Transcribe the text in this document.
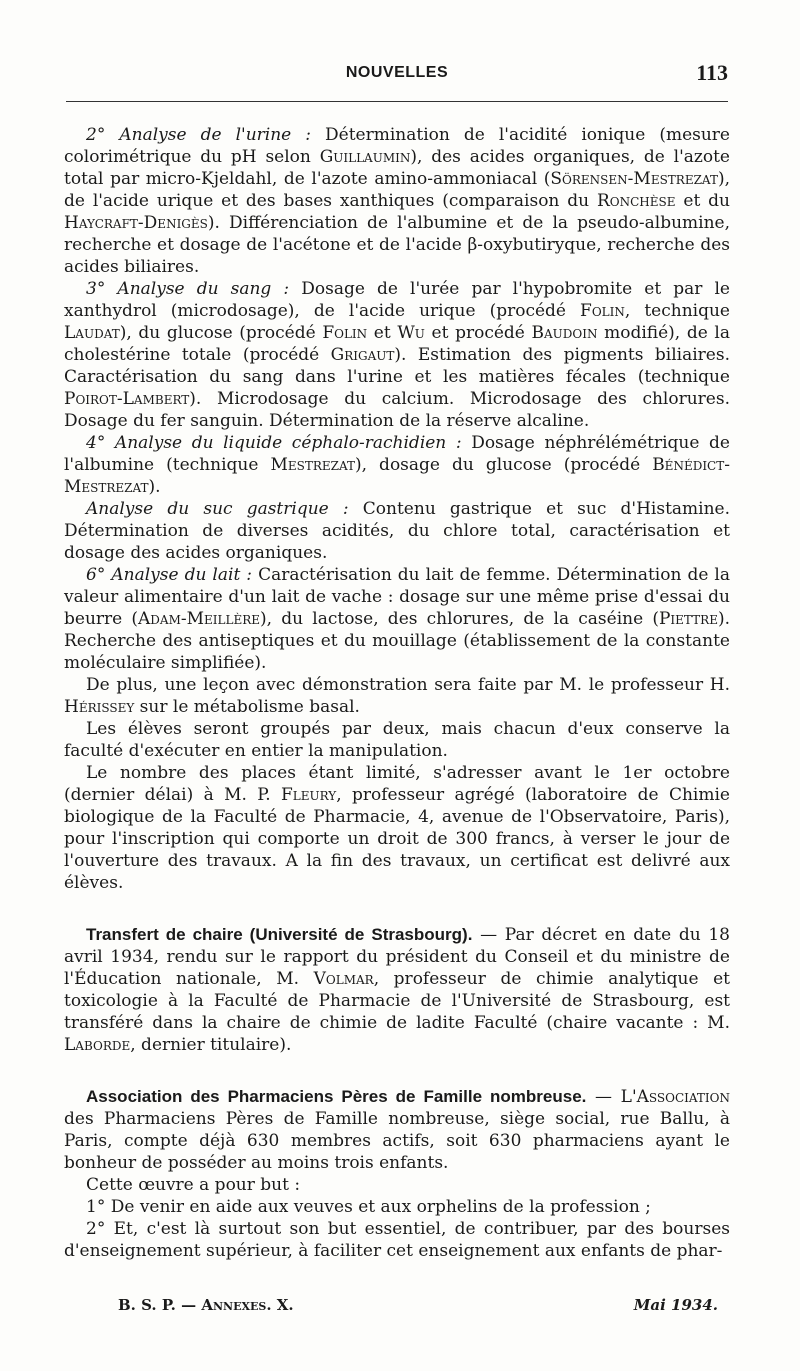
NOUVELLES	113

2° Analyse de l'urine : Détermination de l'acidité ionique (mesure colorimétrique du pH selon Guillaumin), des acides organiques, de l'azote total par micro-Kjeldahl, de l'azote amino-ammoniacal (Sörensen-Mestrezat), de l'acide urique et des bases xanthiques (comparaison du Ronchèse et du Haycraft-Denigès). Différenciation de l'albumine et de la pseudo-albumine, recherche et dosage de l'acétone et de l'acide β-oxybutiryque, recherche des acides biliaires.

3° Analyse du sang : Dosage de l'urée par l'hypobromite et par le xanthydrol (microdosage), de l'acide urique (procédé Folin, technique Laudat), du glucose (procédé Folin et Wu et procédé Baudoin modifié), de la cholestérine totale (procédé Grigaut). Estimation des pigments biliaires. Caractérisation du sang dans l'urine et les matières fécales (technique Poirot-Lambert). Microdosage du calcium. Microdosage des chlorures. Dosage du fer sanguin. Détermination de la réserve alcaline.

4° Analyse du liquide céphalo-rachidien : Dosage néphrélémétrique de l'albumine (technique Mestrezat), dosage du glucose (procédé Bénédict-Mestrezat).

Analyse du suc gastrique : Contenu gastrique et suc d'Histamine. Détermination de diverses acidités, du chlore total, caractérisation et dosage des acides organiques.

6° Analyse du lait : Caractérisation du lait de femme. Détermination de la valeur alimentaire d'un lait de vache : dosage sur une même prise d'essai du beurre (Adam-Meillère), du lactose, des chlorures, de la caséine (Piettre). Recherche des antiseptiques et du mouillage (établissement de la constante moléculaire simplifiée).

De plus, une leçon avec démonstration sera faite par M. le professeur H. Hérissey sur le métabolisme basal.

Les élèves seront groupés par deux, mais chacun d'eux conserve la faculté d'exécuter en entier la manipulation.

Le nombre des places étant limité, s'adresser avant le 1er octobre (dernier délai) à M. P. Fleury, professeur agrégé (laboratoire de Chimie biologique de la Faculté de Pharmacie, 4, avenue de l'Observatoire, Paris), pour l'inscription qui comporte un droit de 300 francs, à verser le jour de l'ouverture des travaux. A la fin des travaux, un certificat est delivré aux élèves.

Transfert de chaire (Université de Strasbourg). — Par décret en date du 18 avril 1934, rendu sur le rapport du président du Conseil et du ministre de l'Éducation nationale, M. Volmar, professeur de chimie analytique et toxicologie à la Faculté de Pharmacie de l'Université de Strasbourg, est transféré dans la chaire de chimie de ladite Faculté (chaire vacante : M. Laborde, dernier titulaire).

Association des Pharmaciens Pères de Famille nombreuse. — L'Association des Pharmaciens Pères de Famille nombreuse, siège social, rue Ballu, à Paris, compte déjà 630 membres actifs, soit 630 pharmaciens ayant le bonheur de posséder au moins trois enfants.

Cette œuvre a pour but :

1° De venir en aide aux veuves et aux orphelins de la profession ;

2° Et, c'est là surtout son but essentiel, de contribuer, par des bourses d'enseignement supérieur, à faciliter cet enseignement aux enfants de phar-

B. S. P. — Annexes. X.	Mai 1934.
